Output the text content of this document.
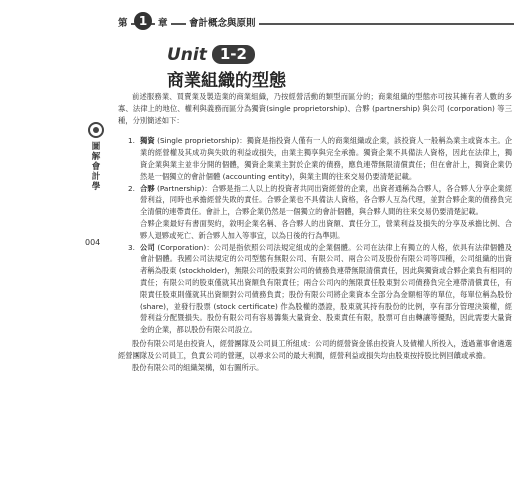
第 1	章	會計概念與原則
Unit 1-2
商業組織的型態
圖解會計學
004

前述服務業、買賣業及製造業的商業組織，乃按經營活動的類型而區分的；商業組織的型態亦可按其擁有者人數的多寡、法律上的地位、權利與義務而區分為獨資(single proprietorship)、合夥 (partnership) 與公司 (corporation) 等三種，分別簡述如下：

1. 獨資 (Single proprietorship)：獨資是指投資人僅有一人的商業組織或企業，該投資人一般稱為業主或資本主。企業的經營權及其成功與失敗的利益或損失，由業主獨享與完全承擔。獨資企業不具備法人資格，因此在法律上，獨資企業與業主並非分開的個體，獨資企業業主對於企業的債務，應負連帶無限清償責任；但在會計上，獨資企業仍然是一個獨立的會計個體 (accounting entity)，與業主間的往來交易仍要清楚記載。
2. 合夥 (Partnership)：合夥是指二人以上的投資者共同出資經營的企業，出資者通稱為合夥人，各合夥人分享企業經營利益，同時也承擔經營失敗的責任。合夥企業也不具備法人資格，各合夥人互為代理，並對合夥企業的債務負完全清償的連帶責任。會計上，合夥企業仍然是一個獨立的會計個體，與合夥人間的往來交易仍要清楚記載。
合夥企業最好有書面契約，敘明企業名稱、各合夥人的出資額、責任分工，營業利益及損失的分享及承擔比例、合夥人退夥或死亡、新合夥人加入等事宜，以為日後的行為準則。
3. 公司 (Corporation)：公司是指依照公司法規定組成的企業個體。公司在法律上有獨立的人格，依具有法律個體及會計個體。我國公司法規定的公司型態有無限公司、有限公司、兩合公司及股份有限公司等四種，公司組織的出資者稱為股東 (stockholder)，無限公司的股東對公司的債務負連帶無限清償責任，因此與獨資或合夥企業負有相同的責任；有限公司的股東僅就其出資額負有限責任；兩合公司內的無限責任股東對公司債務負完全連帶清償責任，有限責任股東則僅就其出資額對公司債務負責；股份有限公司將企業資本全部分為金額相等的單位，每單位稱為股份 (share)，並發行股票 (stock certificate) 作為股權的憑證，股東就其持有股份的比例，享有部分管理決策權，經營利益分配暨損失。股份有限公司有容易籌集大量資金、股東責任有限，股票可自由轉讓等優點，因此需要大量資金的企業，都以股份有限公司設立。

股份有限公司是由投資人，經營團隊及公司員工所組成：公司的經營資金係由投資人及債權人所投入，透過董事會遴選經營團隊及公司員工，負責公司的營運，以尋求公司的最大利潤，經營利益或損失均由股東按持股比例回饋或承擔。

股份有限公司的組織架構，如右圖所示。
